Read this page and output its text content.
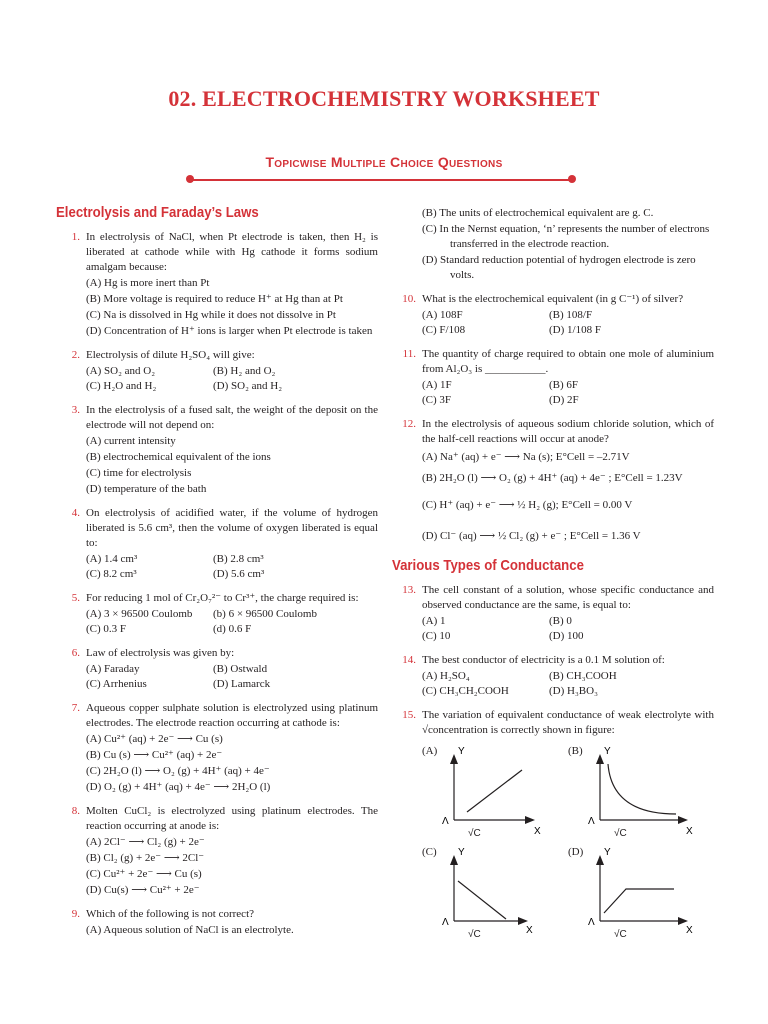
02. ELECTROCHEMISTRY WORKSHEET
Topicwise Multiple Choice Questions
Electrolysis and Faraday’s Laws
1. In electrolysis of NaCl, when Pt electrode is taken, then H₂ is liberated at cathode while with Hg cathode it forms sodium amalgam because:
(A) Hg is more inert than Pt
(B) More voltage is required to reduce H⁺ at Hg than at Pt
(C) Na is dissolved in Hg while it does not dissolve in Pt
(D) Concentration of H⁺ ions is larger when Pt electrode is taken
2. Electrolysis of dilute H₂SO₄ will give:
(A) SO₂ and O₂	(B) H₂ and O₂
(C) H₂O and H₂	(D) SO₂ and H₂
3. In the electrolysis of a fused salt, the weight of the deposit on the electrode will not depend on:
(A) current intensity
(B) electrochemical equivalent of the ions
(C) time for electrolysis
(D) temperature of the bath
4. On electrolysis of acidified water, if the volume of hydrogen liberated is 5.6 cm³, then the volume of oxygen liberated is equal to:
(A) 1.4 cm³	(B) 2.8 cm³
(C) 8.2 cm³	(D) 5.6 cm³
5. For reducing 1 mol of Cr₂O₇²⁻ to Cr³⁺, the charge required is:
(A) 3 × 96500 Coulomb	(b) 6 × 96500 Coulomb
(C) 0.3 F	(d) 0.6 F
6. Law of electrolysis was given by:
(A) Faraday	(B) Ostwald
(C) Arrhenius	(D) Lamarck
7. Aqueous copper sulphate solution is electrolyzed using platinum electrodes. The electrode reaction occurring at cathode is:
(A) Cu²⁺ (aq) + 2e⁻ ⟶ Cu (s)
(B) Cu (s) ⟶ Cu²⁺ (aq) + 2e⁻
(C) 2H₂O (l) ⟶ O₂ (g) + 4H⁺ (aq) + 4e⁻
(D) O₂ (g) + 4H⁺ (aq) + 4e⁻ ⟶ 2H₂O (l)
8. Molten CuCl₂ is electrolyzed using platinum electrodes. The reaction occurring at anode is:
(A) 2Cl⁻ ⟶ Cl₂ (g) + 2e⁻
(B) Cl₂ (g) + 2e⁻ ⟶ 2Cl⁻
(C) Cu²⁺ + 2e⁻ ⟶ Cu (s)
(D) Cu(s) ⟶ Cu²⁺ + 2e⁻
9. Which of the following is not correct?
(A) Aqueous solution of NaCl is an electrolyte.
(B) The units of electrochemical equivalent are g. C.
(C) In the Nernst equation, ‘n’ represents the number of electrons transferred in the electrode reaction.
(D) Standard reduction potential of hydrogen electrode is zero volts.
10. What is the electrochemical equivalent (in g C⁻¹) of silver?
(A) 108F	(B) 108/F
(C) F/108	(D) 1/108 F
11. The quantity of charge required to obtain one mole of aluminium from Al₂O₃ is ___________.
(A) 1F	(B) 6F
(C) 3F	(D) 2F
12. In the electrolysis of aqueous sodium chloride solution, which of the half-cell reactions will occur at anode?
(A) Na⁺ (aq) + e⁻ ⟶ Na (s); E°Cell = –2.71V
(B) 2H₂O (l) ⟶ O₂ (g) + 4H⁺ (aq) + 4e⁻ ; E°Cell = 1.23V
(C) H⁺ (aq) + e⁻ ⟶ ½ H₂ (g); E°Cell = 0.00 V
(D) Cl⁻ (aq) ⟶ ½ Cl₂ (g) + e⁻ ; E°Cell = 1.36 V
Various Types of Conductance
13. The cell constant of a solution, whose specific conductance and observed conductance are the same, is equal to:
(A) 1	(B) 0
(C) 10	(D) 100
14. The best conductor of electricity is a 0.1 M solution of:
(A) H₂SO₄	(B) CH₃COOH
(C) CH₃CH₂COOH	(D) H₃BO₃
15. The variation of equivalent conductance of weak electrolyte with √concentration is correctly shown in figure:
(A) Y
X
Λ
(B) Y
X
Λ
√C	√C
(C) Y
X
Λ
(D) Y
X
Λ
√C	√C
